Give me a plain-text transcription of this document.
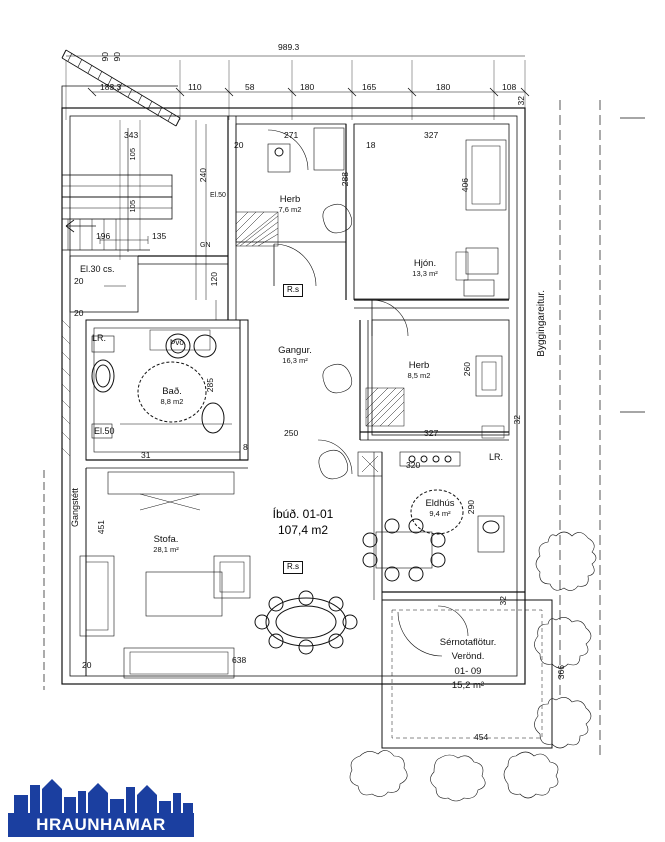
989.3
183.3	110	58	180	165	180	108
90 90
343
105
105
196	135
240
120
20
20
451
20
20
271
18
327
288	406
285
250
8
31
260
327
32
320
290
32
638
454
366
32
Herb
7,6 m2
Hjón.
13,3 m²
Gangur.
16,3 m²	Herb
8,5 m2
Bað.
8,8 m2
Stofa.
28,1 m²
Eldhús
9,4 m²
Þvo.
Sérnotaflötur.
Verönd.
01- 09
15,2 m²
Íbúð. 01-01
107,4 m2
R.s
R.s
El.30 cs.
LR.
El.50
GN
El.50
LR.
Byggingareitur.
Gangstétt
HRAUNHAMAR
